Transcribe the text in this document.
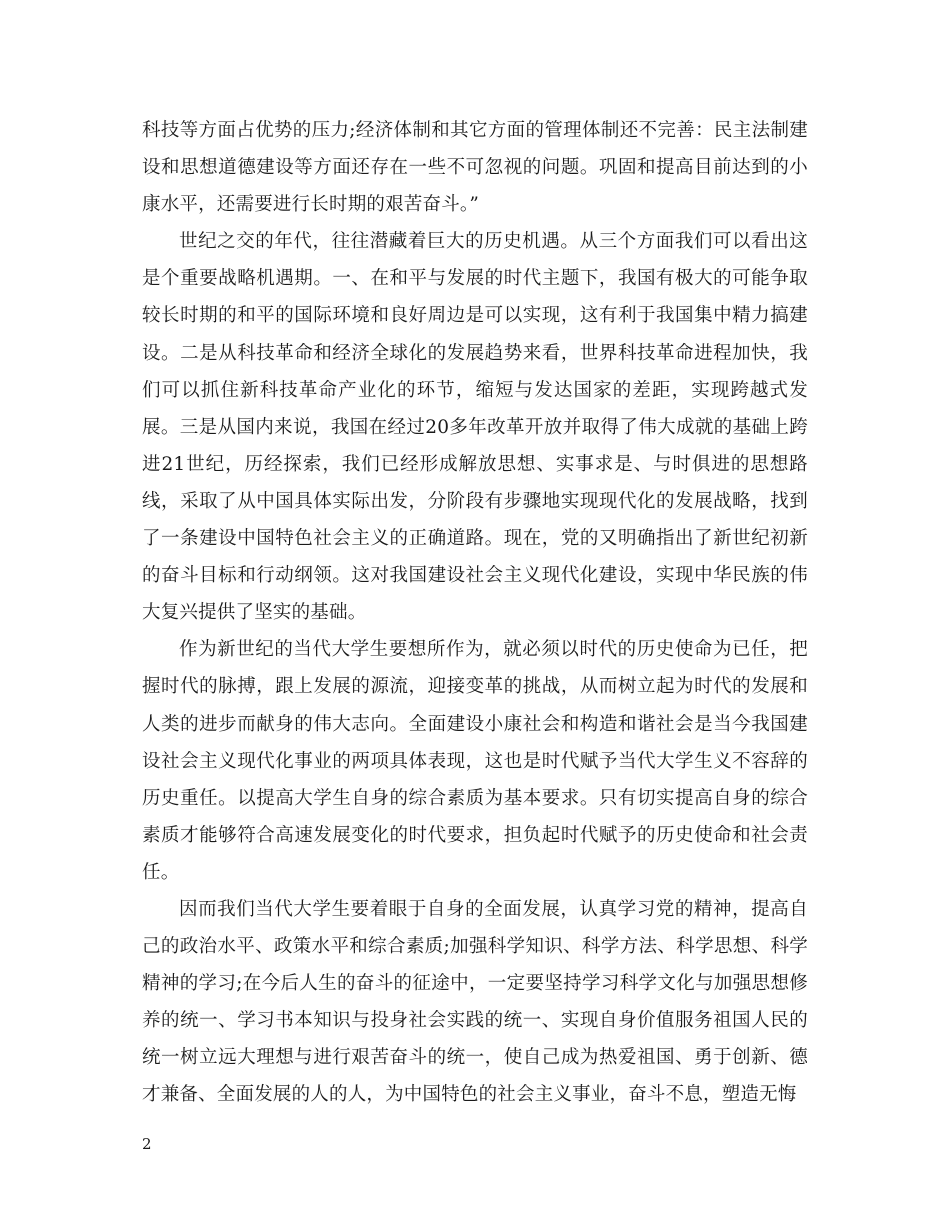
科技等方面占优势的压力;经济体制和其它方面的管理体制还不完善：民主法制建设和思想道德建设等方面还存在一些不可忽视的问题。巩固和提高目前达到的小康水平，还需要进行长时期的艰苦奋斗。”

世纪之交的年代，往往潜藏着巨大的历史机遇。从三个方面我们可以看出这是个重要战略机遇期。一、在和平与发展的时代主题下，我国有极大的可能争取较长时期的和平的国际环境和良好周边是可以实现，这有利于我国集中精力搞建设。二是从科技革命和经济全球化的发展趋势来看，世界科技革命进程加快，我们可以抓住新科技革命产业化的环节，缩短与发达国家的差距，实现跨越式发展。三是从国内来说，我国在经过20多年改革开放并取得了伟大成就的基础上跨进21世纪，历经探索，我们已经形成解放思想、实事求是、与时俱进的思想路线，采取了从中国具体实际出发，分阶段有步骤地实现现代化的发展战略，找到了一条建设中国特色社会主义的正确道路。现在，党的又明确指出了新世纪初新的奋斗目标和行动纲领。这对我国建设社会主义现代化建设，实现中华民族的伟大复兴提供了坚实的基础。

作为新世纪的当代大学生要想所作为，就必须以时代的历史使命为已任，把握时代的脉搏，跟上发展的源流，迎接变革的挑战，从而树立起为时代的发展和人类的进步而献身的伟大志向。全面建设小康社会和构造和谐社会是当今我国建设社会主义现代化事业的两项具体表现，这也是时代赋予当代大学生义不容辞的历史重任。以提高大学生自身的综合素质为基本要求。只有切实提高自身的综合素质才能够符合高速发展变化的时代要求，担负起时代赋予的历史使命和社会责任。

因而我们当代大学生要着眼于自身的全面发展，认真学习党的精神，提高自己的政治水平、政策水平和综合素质;加强科学知识、科学方法、科学思想、科学精神的学习;在今后人生的奋斗的征途中，一定要坚持学习科学文化与加强思想修养的统一、学习书本知识与投身社会实践的统一、实现自身价值服务祖国人民的统一树立远大理想与进行艰苦奋斗的统一，使自己成为热爱祖国、勇于创新、德才兼备、全面发展的人的人，为中国特色的社会主义事业，奋斗不息，塑造无悔

2
